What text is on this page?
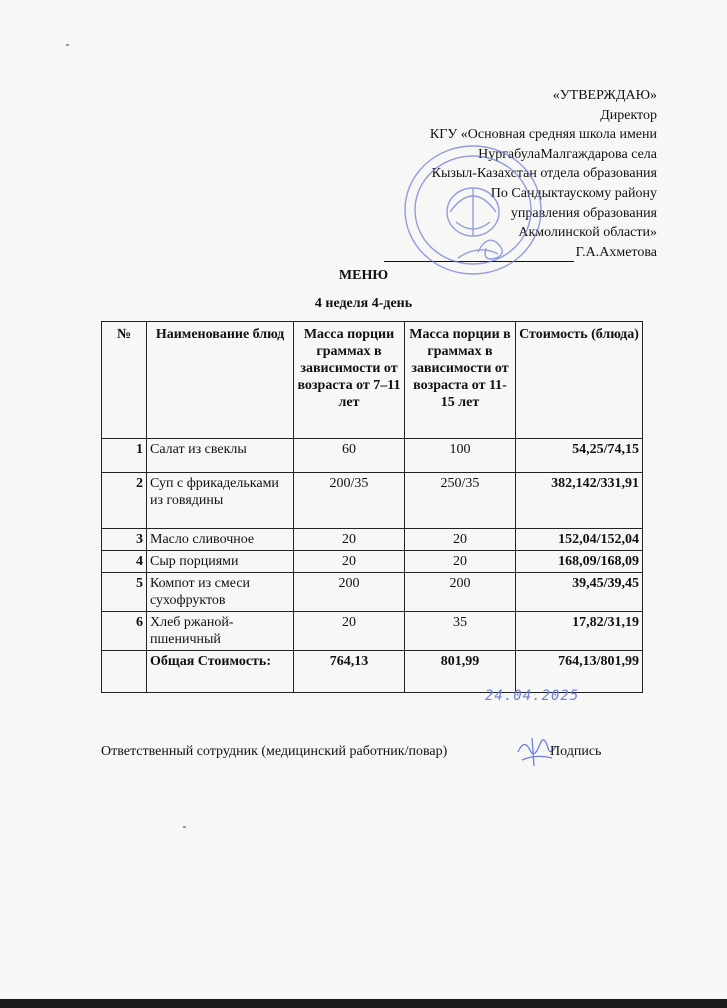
«УТВЕРЖДАЮ»
Директор
КГУ «Основная средняя школа имени
НургабулаМалгаждарова села
Кызыл-Казахстан отдела образования
По Сандыктаускому району
управления образования
Акмолинской области»
Г.А.Ахметова
МЕНЮ
4 неделя 4-день
№	Наименование блюд	Масса порции граммах в зависимости от возраста от 7–11 лет	Масса порции в граммах в зависимости от возраста от 11-15 лет	Стоимость (блюда)
1	Салат из свеклы	60	100	54,25/74,15
2	Суп с фрикадельками из говядины	200/35	250/35	382,142/331,91
3	Масло сливочное	20	20	152,04/152,04
4	Сыр порциями	20	20	168,09/168,09
5	Компот из смеси сухофруктов	200	200	39,45/39,45
6	Хлеб ржаной-пшеничный	20	35	17,82/31,19
	Общая Стоимость:	764,13	801,99	764,13/801,99
24.04.2025
Ответственный сотрудник (медицинский работник/повар)	Подпись
